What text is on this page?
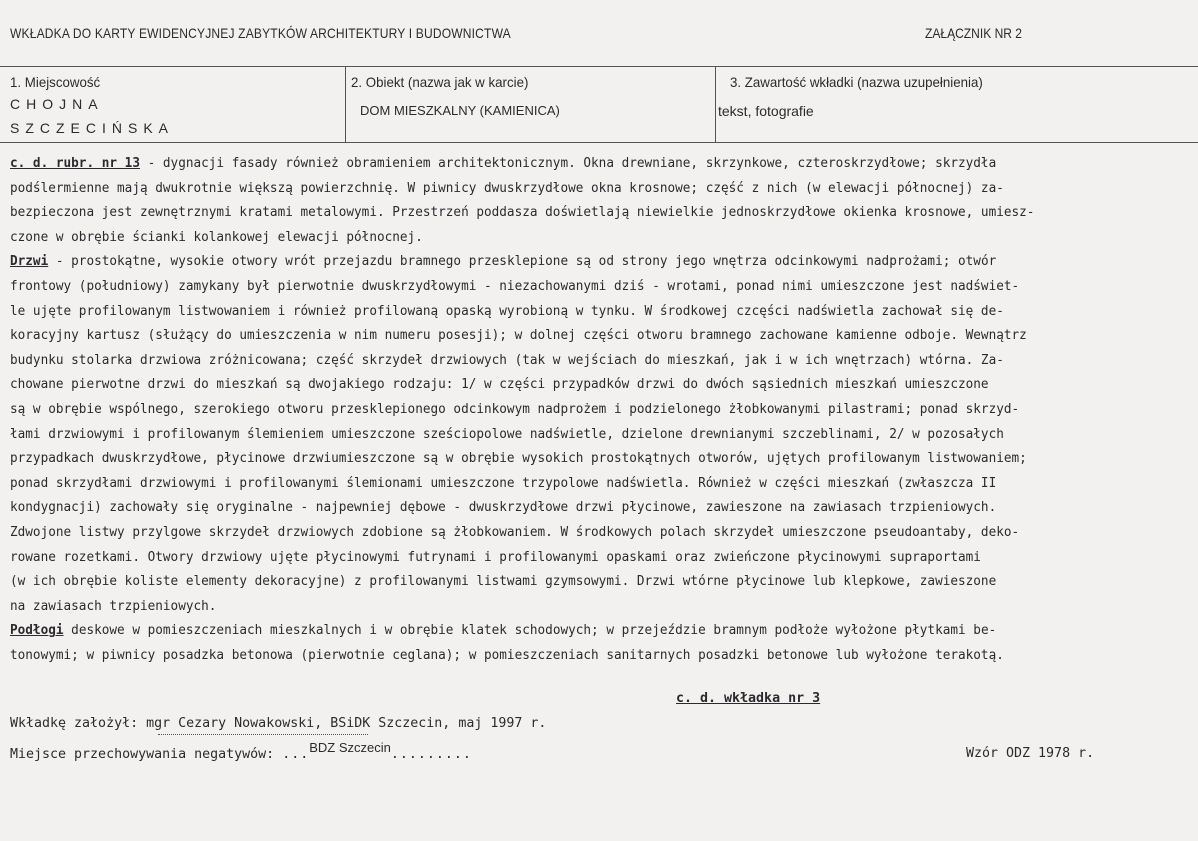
WKŁADKA DO KARTY EWIDENCYJNEJ ZABYTKÓW ARCHITEKTURY I BUDOWNICTWA	ZAŁĄCZNIK NR 2
1. Miejscowość
CHOJNA
SZCZECIŃSKA
2. Obiekt (nazwa jak w karcie)
DOM MIESZKALNY (KAMIENICA)
3. Zawartość wkładki (nazwa uzupełnienia)
tekst, fotografie
c. d. rubr. nr 13 - dygnacji fasady również obramieniem architektonicznym. Okna drewniane, skrzynkowe, czteroskrzydłowe; skrzydła
podślermienne mają dwukrotnie większą powierzchnię. W piwnicy dwuskrzydłowe okna krosnowe; część z nich (w elewacji północnej) za-
bezpieczona jest zewnętrznymi kratami metalowymi. Przestrzeń poddasza doświetlają niewielkie jednoskrzydłowe okienka krosnowe, umiesz-
czone w obrębie ścianki kolankowej elewacji północnej.
Drzwi - prostokątne, wysokie otwory wrót przejazdu bramnego przesklepione są od strony jego wnętrza odcinkowymi nadprożami; otwór
frontowy (południowy) zamykany był pierwotnie dwuskrzydłowymi - niezachowanymi dziś - wrotami, ponad nimi umieszczone jest nadświet-
le ujęte profilowanym listwowaniem i również profilowaną opaską wyrobioną w tynku. W środkowej czcęści nadświetla zachował się de-
koracyjny kartusz (służący do umieszczenia w nim numeru posesji); w dolnej części otworu bramnego zachowane kamienne odboje. Wewnątrz
budynku stolarka drzwiowa zróżnicowana; część skrzydeł drzwiowych (tak w wejściach do mieszkań, jak i w ich wnętrzach) wtórna. Za-
chowane pierwotne drzwi do mieszkań są dwojakiego rodzaju: 1/ w części przypadków drzwi do dwóch sąsiednich mieszkań umieszczone
są w obrębie wspólnego, szerokiego otworu przesklepionego odcinkowym nadprożem i podzielonego żłobkowanymi pilastrami; ponad skrzyd-
łami drzwiowymi i profilowanym ślemieniem umieszczone sześciopolowe nadświetle, dzielone drewnianymi szczeblinami, 2/ w pozosałych
przypadkach dwuskrzydłowe, płycinowe drzwiumieszczone są w obrębie wysokich prostokątnych otworów, ujętych profilowanym listwowaniem;
ponad skrzydłami drzwiowymi i profilowanymi ślemionami umieszczone trzypolowe nadświetla. Również w części mieszkań (zwłaszcza II
kondygnacji) zachowały się oryginalne - najpewniej dębowe - dwuskrzydłowe drzwi płycinowe, zawieszone na zawiasach trzpieniowych.
Zdwojone listwy przylgowe skrzydeł drzwiowych zdobione są żłobkowaniem. W środkowych polach skrzydeł umieszczone pseudoantaby, deko-
rowane rozetkami. Otwory drzwiowy ujęte płycinowymi futrynami i profilowanymi opaskami oraz zwieńczone płycinowymi supraportami
(w ich obrębie koliste elementy dekoracyjne) z profilowanymi listwami gzymsowymi. Drzwi wtórne płycinowe lub klepkowe, zawieszone
na zawiasach trzpieniowych.
Podłogi deskowe w pomieszczeniach mieszkalnych i w obrębie klatek schodowych; w przejeździe bramnym podłoże wyłożone płytkami be-
tonowymi; w piwnicy posadzka betonowa (pierwotnie ceglana); w pomieszczeniach sanitarnych posadzki betonowe lub wyłożone terakotą.
c. d. wkładka nr 3
Wkładkę założył: mgr Cezary Nowakowski, BSiDK Szczecin, maj 1997 r.
Miejsce przechowywania negatywów: ...BDZ Szczecin.........	Wzór ODZ 1978 r.
